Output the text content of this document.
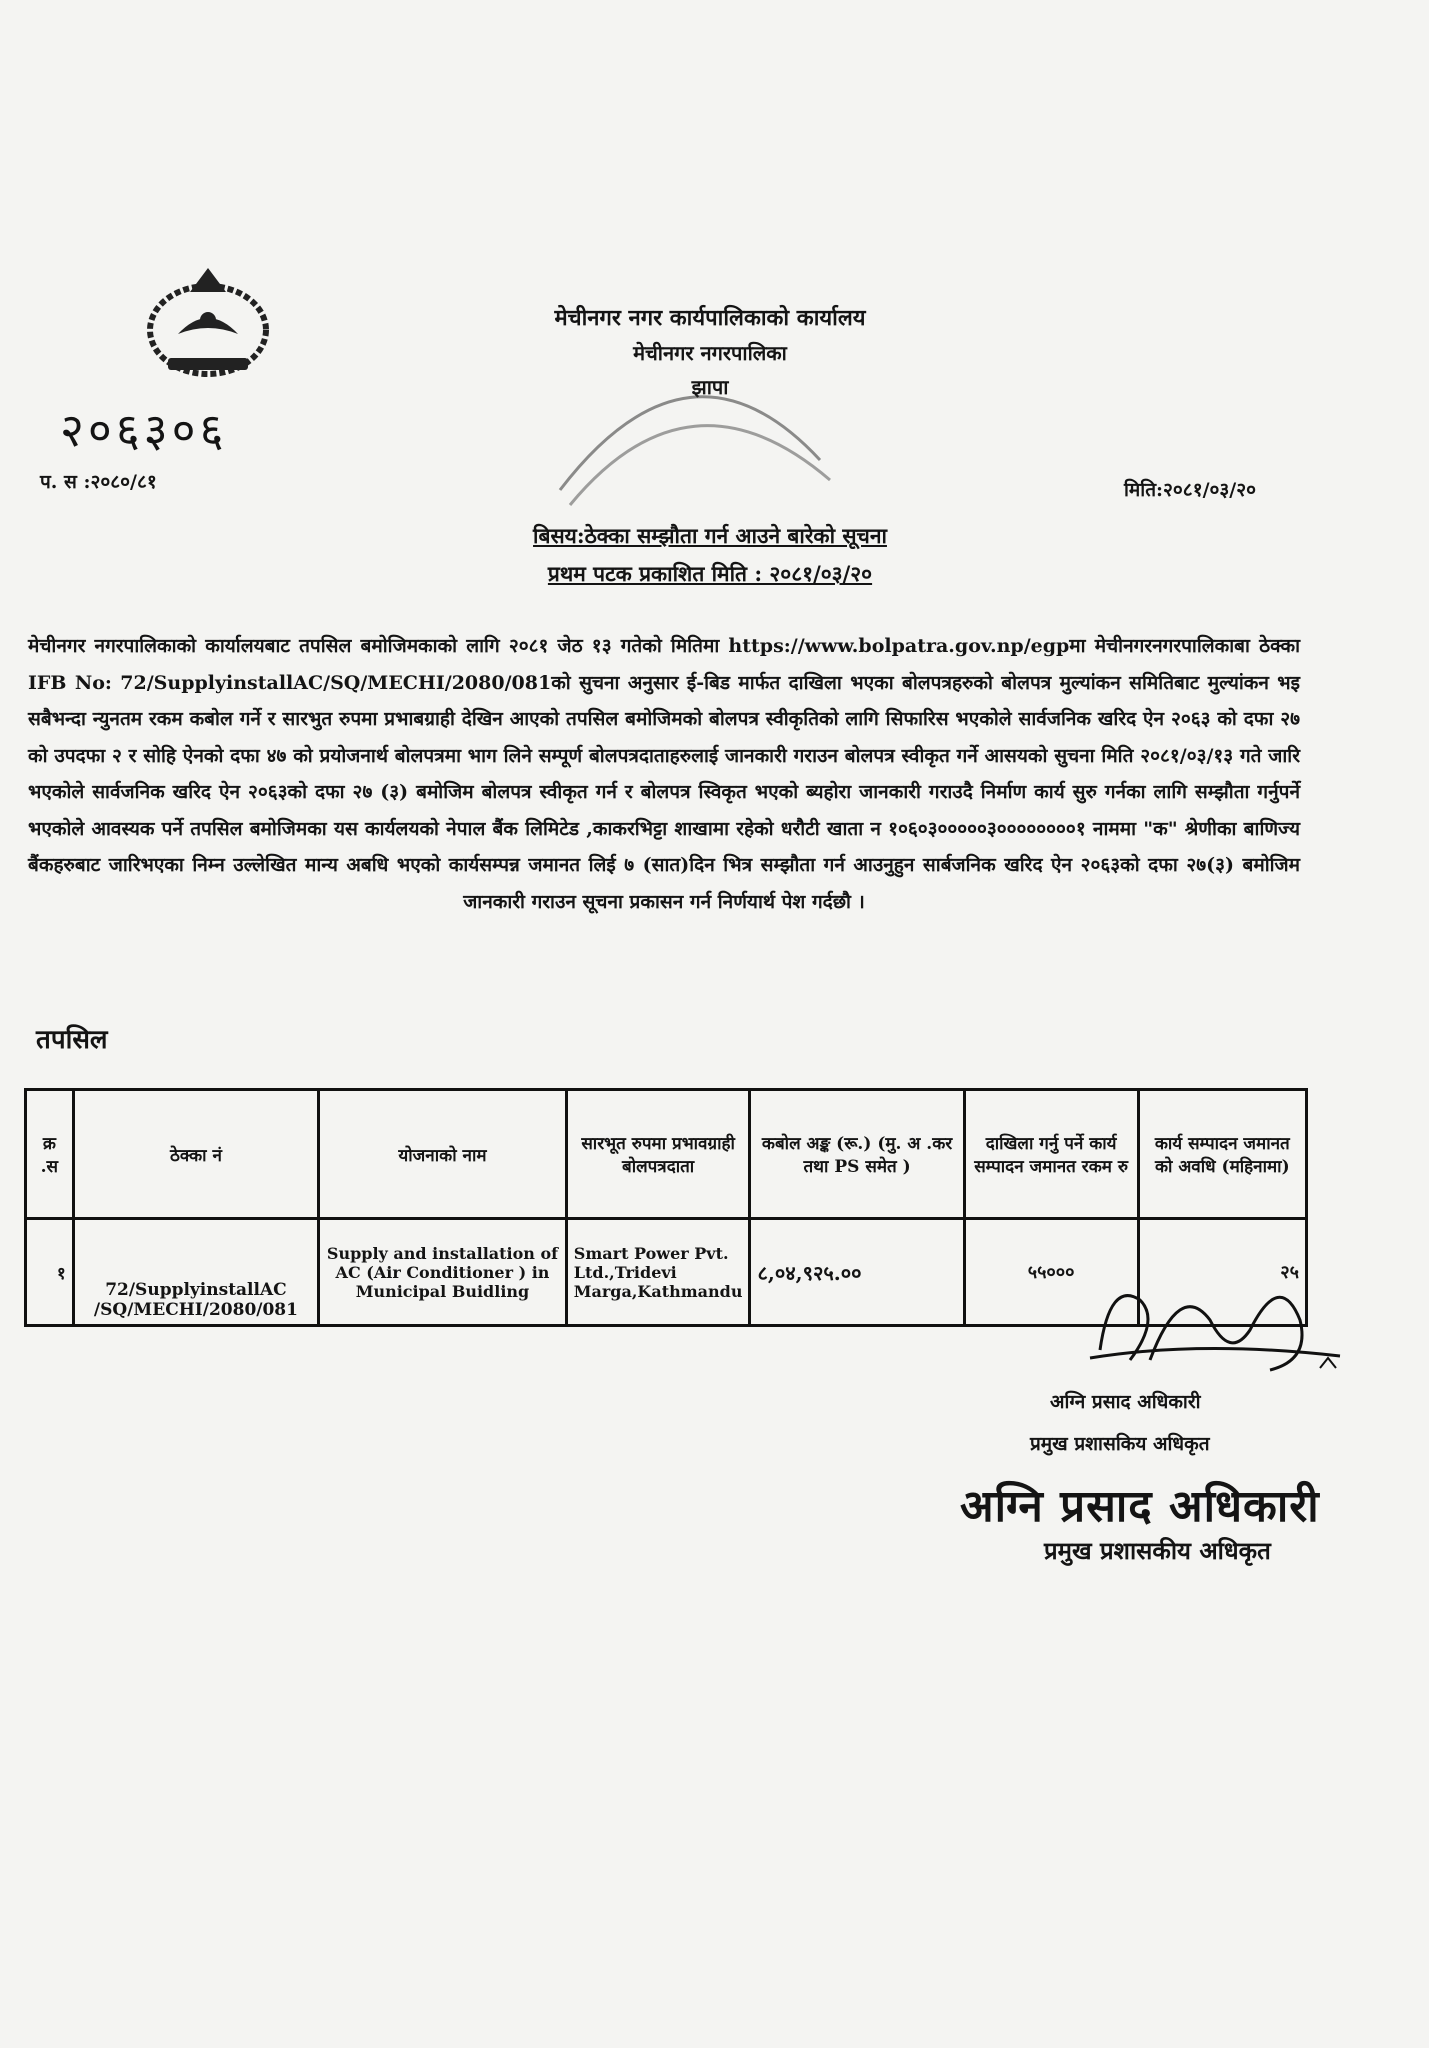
मेचीनगर नगर कार्यपालिकाको कार्यालय
मेचीनगर नगरपालिका
झापा
२०६३०६
प. स :२०८०/८१	मिति:२०८१/०३/२०
बिसय:ठेक्का सम्झौता गर्न आउने बारेको सूचना
प्रथम पटक प्रकाशित मिति : २०८१/०३/२०
मेचीनगर नगरपालिकाको कार्यालयबाट तपसिल बमोजिमकाको लागि २०८१ जेठ १३ गतेको मितिमा https://www.bolpatra.gov.np/egpमा मेचीनगरनगरपालिकाबा ठेक्का IFB No: 72/SupplyinstallAC/SQ/MECHI/2080/081को सुचना अनुसार ई-बिड मार्फत दाखिला भएका बोलपत्रहरुको बोलपत्र मुल्यांकन समितिबाट मुल्यांकन भइ सबैभन्दा न्युनतम रकम कबोल गर्ने र सारभुत रुपमा प्रभाबग्राही देखिन आएको तपसिल बमोजिमको बोलपत्र स्वीकृतिको लागि सिफारिस भएकोले सार्वजनिक खरिद ऐन २०६३ को दफा २७ को उपदफा २ र सोहि ऐनको दफा ४७ को प्रयोजनार्थ बोलपत्रमा भाग लिने सम्पूर्ण बोलपत्रदाताहरुलाई जानकारी गराउन बोलपत्र स्वीकृत गर्ने आसयको सुचना मिति २०८१/०३/१३ गते जारि भएकोले सार्वजनिक खरिद ऐन २०६३को दफा २७ (३) बमोजिम बोलपत्र स्वीकृत गर्न र बोलपत्र स्विकृत भएको ब्यहोरा जानकारी गराउदै निर्माण कार्य सुरु गर्नका लागि सम्झौता गर्नुपर्ने भएकोले आवस्यक पर्ने तपसिल बमोजिमका यस कार्यलयको नेपाल बैंक लिमिटेड ,काकरभिट्टा शाखामा रहेको धरौटी खाता न १०६०३०००००३००००००००१ नाममा "क" श्रेणीका बाणिज्य बैंकहरुबाट जारिभएका निम्न उल्लेखित मान्य अबधि भएको कार्यसम्पन्न जमानत लिई ७ (सात)दिन भित्र सम्झौता गर्न आउनुहुन सार्बजनिक खरिद ऐन २०६३को दफा २७(३) बमोजिम जानकारी गराउन सूचना प्रकासन गर्न निर्णयार्थ पेश गर्दछौ ।
तपसिल
क्र .स	ठेक्का नं	योजनाको नाम	सारभूत रुपमा प्रभावग्राही बोलपत्रदाता	कबोल अङ्क (रू.) (मु. अ .कर तथा PS समेत )	दाखिला गर्नु पर्ने कार्य सम्पादन जमानत रकम रु	कार्य सम्पादन जमानत को अवधि (महिनामा)
१	72/SupplyinstallAC /SQ/MECHI/2080/081	Supply and installation of AC (Air Conditioner ) in Municipal Buidling	Smart Power Pvt. Ltd.,Tridevi Marga,Kathmandu	८,०४,९२५.००	५५०००	२५
अग्नि प्रसाद अधिकारी
प्रमुख प्रशासकिय अधिकृत
अग्नि प्रसाद अधिकारी
प्रमुख प्रशासकीय अधिकृत
